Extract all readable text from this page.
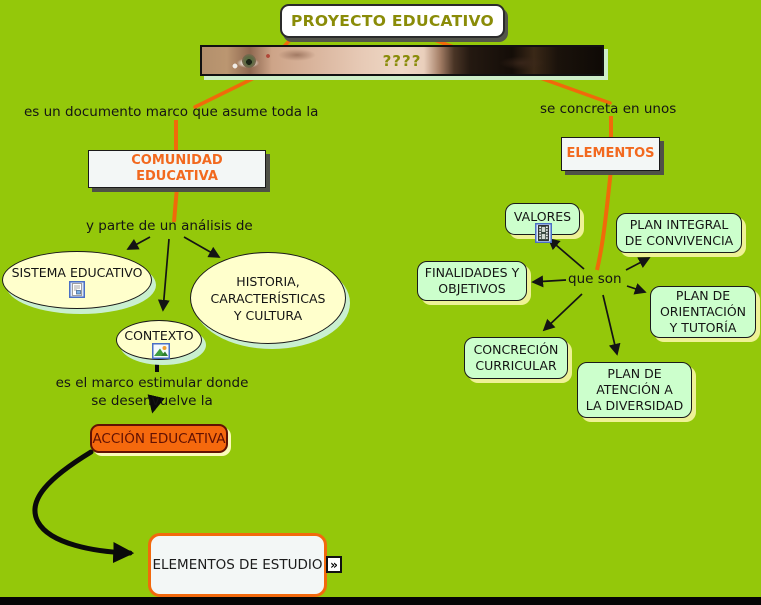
PROYECTO EDUCATIVO
????
es un documento marco que asume toda la	se concreta en unos
y parte de un análisis de
es el marco estimular donde
se desenvuelve la
que son
COMUNIDAD EDUCATIVA
ELEMENTOS
SISTEMA EDUCATIVO
HISTORIA,
CARACTERÍSTICAS
Y CULTURA
CONTEXTO
ACCIÓN EDUCATIVA
ELEMENTOS DE ESTUDIO »
VALORES
PLAN INTEGRAL
DE CONVIVENCIA
FINALIDADES Y
OBJETIVOS	PLAN DE
ORIENTACIÓN
Y TUTORÍA
CONCRECIÓN
CURRICULAR
PLAN DE
ATENCIÓN A
LA DIVERSIDAD
